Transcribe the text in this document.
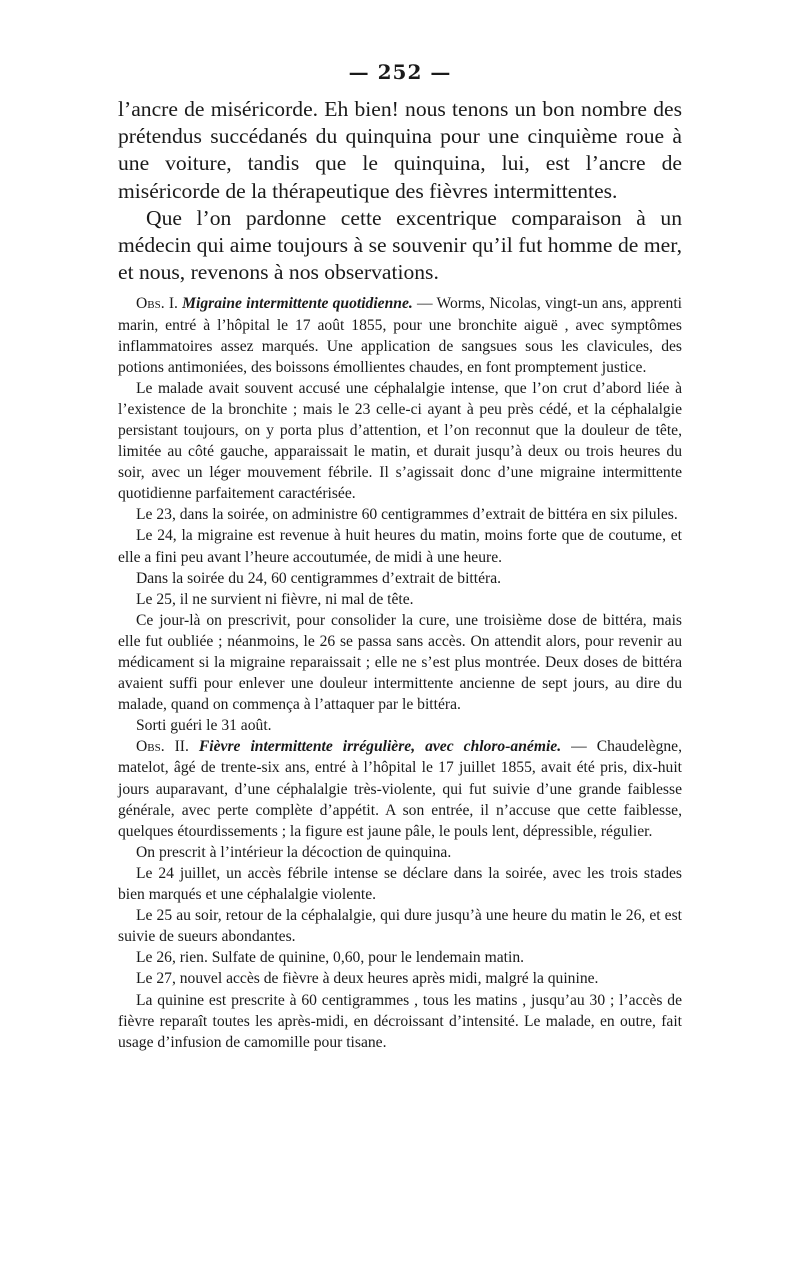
— 252 —

l’ancre de miséricorde. Eh bien! nous tenons un bon nombre des prétendus succédanés du quinquina pour une cinquième roue à une voiture, tandis que le quinquina, lui, est l’ancre de miséricorde de la thérapeutique des fièvres intermittentes.

Que l’on pardonne cette excentrique comparaison à un médecin qui aime toujours à se souvenir qu’il fut homme de mer, et nous, revenons à nos observations.

Obs. I. Migraine intermittente quotidienne. — Worms, Nicolas, vingt-un ans, apprenti marin, entré à l’hôpital le 17 août 1855, pour une bronchite aiguë , avec symptômes inflammatoires assez marqués. Une application de sangsues sous les clavicules, des potions antimoniées, des boissons émollientes chaudes, en font promptement justice.

Le malade avait souvent accusé une céphalalgie intense, que l’on crut d’abord liée à l’existence de la bronchite ; mais le 23 celle-ci ayant à peu près cédé, et la céphalalgie persistant toujours, on y porta plus d’attention, et l’on reconnut que la douleur de tête, limitée au côté gauche, apparaissait le matin, et durait jusqu’à deux ou trois heures du soir, avec un léger mouvement fébrile. Il s’agissait donc d’une migraine intermittente quotidienne parfaitement caractérisée.

Le 23, dans la soirée, on administre 60 centigrammes d’extrait de bittéra en six pilules.

Le 24, la migraine est revenue à huit heures du matin, moins forte que de coutume, et elle a fini peu avant l’heure accoutumée, de midi à une heure.

Dans la soirée du 24, 60 centigrammes d’extrait de bittéra.

Le 25, il ne survient ni fièvre, ni mal de tête.

Ce jour-là on prescrivit, pour consolider la cure, une troisième dose de bittéra, mais elle fut oubliée ; néanmoins, le 26 se passa sans accès. On attendit alors, pour revenir au médicament si la migraine reparaissait ; elle ne s’est plus montrée. Deux doses de bittéra avaient suffi pour enlever une douleur intermittente ancienne de sept jours, au dire du malade, quand on commença à l’attaquer par le bittéra.

Sorti guéri le 31 août.

Obs. II. Fièvre intermittente irrégulière, avec chloro-anémie. — Chaudelègne, matelot, âgé de trente-six ans, entré à l’hôpital le 17 juillet 1855, avait été pris, dix-huit jours auparavant, d’une céphalalgie très-violente, qui fut suivie d’une grande faiblesse générale, avec perte complète d’appétit. A son entrée, il n’accuse que cette faiblesse, quelques étourdissements ; la figure est jaune pâle, le pouls lent, dépressible, régulier.

On prescrit à l’intérieur la décoction de quinquina.

Le 24 juillet, un accès fébrile intense se déclare dans la soirée, avec les trois stades bien marqués et une céphalalgie violente.

Le 25 au soir, retour de la céphalalgie, qui dure jusqu’à une heure du matin le 26, et est suivie de sueurs abondantes.

Le 26, rien. Sulfate de quinine, 0,60, pour le lendemain matin.

Le 27, nouvel accès de fièvre à deux heures après midi, malgré la quinine.

La quinine est prescrite à 60 centigrammes , tous les matins , jusqu’au 30 ; l’accès de fièvre reparaît toutes les après-midi, en décroissant d’intensité. Le malade, en outre, fait usage d’infusion de camomille pour tisane.
